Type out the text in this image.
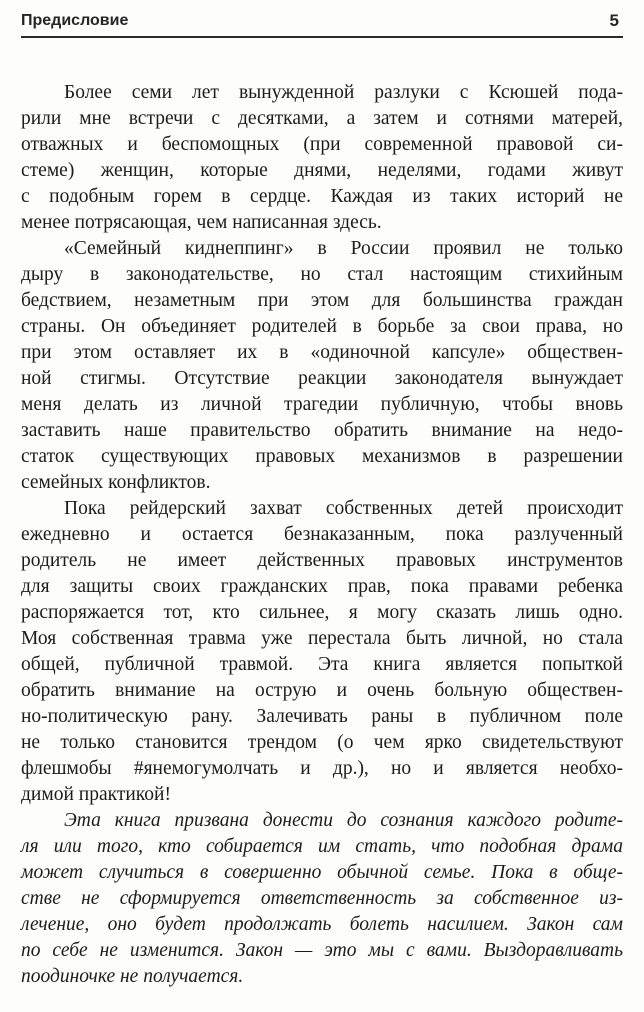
Предисловие	5
Более семи лет вынужденной разлуки с Ксюшей пода-
рили мне встречи с десятками, а затем и сотнями матерей,
отважных и беспомощных (при современной правовой си-
стеме) женщин, которые днями, неделями, годами живут
с подобным горем в сердце. Каждая из таких историй не
менее потрясающая, чем написанная здесь.
«Семейный киднеппинг» в России проявил не только
дыру в законодательстве, но стал настоящим стихийным
бедствием, незаметным при этом для большинства граждан
страны. Он объединяет родителей в борьбе за свои права, но
при этом оставляет их в «одиночной капсуле» обществен-
ной стигмы. Отсутствие реакции законодателя вынуждает
меня делать из личной трагедии публичную, чтобы вновь
заставить наше правительство обратить внимание на недо-
статок существующих правовых механизмов в разрешении
семейных конфликтов.
Пока рейдерский захват собственных детей происходит
ежедневно и остается безнаказанным, пока разлученный
родитель не имеет действенных правовых инструментов
для защиты своих гражданских прав, пока правами ребенка
распоряжается тот, кто сильнее, я могу сказать лишь одно.
Моя собственная травма уже перестала быть личной, но стала
общей, публичной травмой. Эта книга является попыткой
обратить внимание на острую и очень больную обществен-
но-политическую рану. Залечивать раны в публичном поле
не только становится трендом (о чем ярко свидетельствуют
флешмобы #янемогумолчать и др.), но и является необхо-
димой практикой!
Эта книга призвана донести до сознания каждого родите-
ля или того, кто собирается им стать, что подобная драма
может случиться в совершенно обычной семье. Пока в обще-
стве не сформируется ответственность за собственное из-
лечение, оно будет продолжать болеть насилием. Закон сам
по себе не изменится. Закон — это мы с вами. Выздоравливать
поодиночке не получается.
